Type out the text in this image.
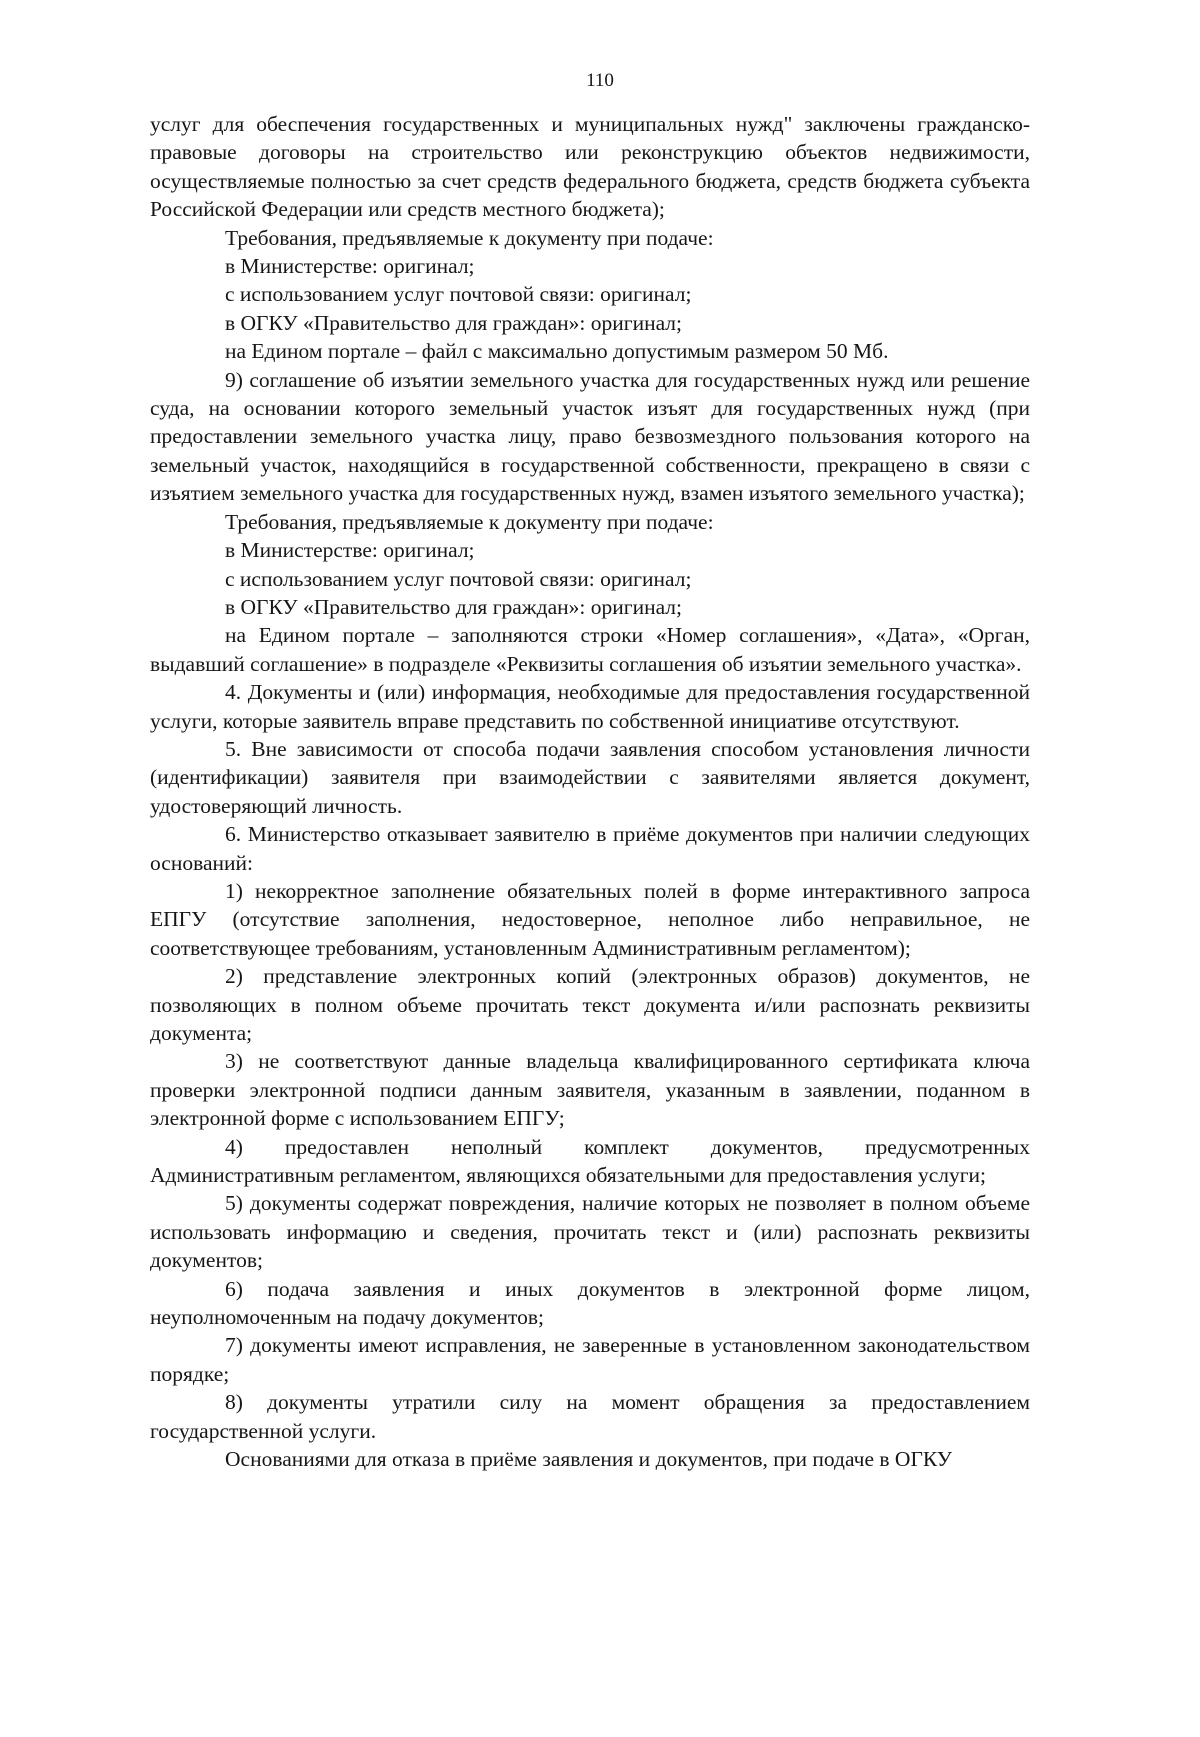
110

услуг для обеспечения государственных и муниципальных нужд" заключены гражданско-правовые договоры на строительство или реконструкцию объектов недвижимости, осуществляемые полностью за счет средств федерального бюджета, средств бюджета субъекта Российской Федерации или средств местного бюджета);

Требования, предъявляемые к документу при подаче:

в Министерстве: оригинал;

с использованием услуг почтовой связи: оригинал;

в ОГКУ «Правительство для граждан»: оригинал;

на Едином портале – файл с максимально допустимым размером 50 Мб.

9) соглашение об изъятии земельного участка для государственных нужд или решение суда, на основании которого земельный участок изъят для государственных нужд (при предоставлении земельного участка лицу, право безвозмездного пользования которого на земельный участок, находящийся в государственной собственности, прекращено в связи с изъятием земельного участка для государственных нужд, взамен изъятого земельного участка);

Требования, предъявляемые к документу при подаче:

в Министерстве: оригинал;

с использованием услуг почтовой связи: оригинал;

в ОГКУ «Правительство для граждан»: оригинал;

на Едином портале – заполняются строки «Номер соглашения», «Дата», «Орган, выдавший соглашение» в подразделе «Реквизиты соглашения об изъятии земельного участка».

4. Документы и (или) информация, необходимые для предоставления государственной услуги, которые заявитель вправе представить по собственной инициативе отсутствуют.

5. Вне зависимости от способа подачи заявления способом установления личности (идентификации) заявителя при взаимодействии с заявителями является документ, удостоверяющий личность.

6. Министерство отказывает заявителю в приёме документов при наличии следующих оснований:

1) некорректное заполнение обязательных полей в форме интерактивного запроса ЕПГУ (отсутствие заполнения, недостоверное, неполное либо неправильное, не соответствующее требованиям, установленным Административным регламентом);

2) представление электронных копий (электронных образов) документов, не позволяющих в полном объеме прочитать текст документа и/или распознать реквизиты документа;

3) не соответствуют данные владельца квалифицированного сертификата ключа проверки электронной подписи данным заявителя, указанным в заявлении, поданном в электронной форме с использованием ЕПГУ;

4) предоставлен неполный комплект документов, предусмотренных Административным регламентом, являющихся обязательными для предоставления услуги;

5) документы содержат повреждения, наличие которых не позволяет в полном объеме использовать информацию и сведения, прочитать текст и (или) распознать реквизиты документов;

6) подача заявления и иных документов в электронной форме лицом, неуполномоченным на подачу документов;

7) документы имеют исправления, не заверенные в установленном законодательством порядке;

8) документы утратили силу на момент обращения за предоставлением государственной услуги.

Основаниями для отказа в приёме заявления и документов, при подаче в ОГКУ
